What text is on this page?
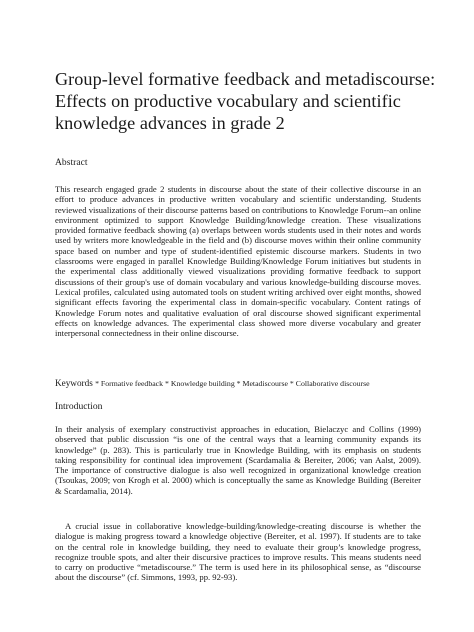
Group-level formative feedback and metadiscourse: Effects on productive vocabulary and scientific knowledge advances in grade 2
Abstract

This research engaged grade 2 students in discourse about the state of their collective discourse in an effort to produce advances in productive written vocabulary and scientific understanding. Students reviewed visualizations of their discourse patterns based on contributions to Knowledge Forum--an online environment optimized to support Knowledge Building/knowledge creation. These visualizations provided formative feedback showing (a) overlaps between words students used in their notes and words used by writers more knowledgeable in the field and (b) discourse moves within their online community space based on number and type of student-identified epistemic discourse markers. Students in two classrooms were engaged in parallel Knowledge Building/Knowledge Forum initiatives but students in the experimental class additionally viewed visualizations providing formative feedback to support discussions of their group's use of domain vocabulary and various knowledge-building discourse moves. Lexical profiles, calculated using automated tools on student writing archived over eight months, showed significant effects favoring the experimental class in domain-specific vocabulary. Content ratings of Knowledge Forum notes and qualitative evaluation of oral discourse showed significant experimental effects on knowledge advances. The experimental class showed more diverse vocabulary and greater interpersonal connectedness in their online discourse.

Keywords * Formative feedback * Knowledge building * Metadiscourse * Collaborative discourse

Introduction

In their analysis of exemplary constructivist approaches in education, Bielaczyc and Collins (1999) observed that public discussion “is one of the central ways that a learning community expands its knowledge” (p. 283). This is particularly true in Knowledge Building, with its emphasis on students taking responsibility for continual idea improvement (Scardamalia & Bereiter, 2006; van Aalst, 2009). The importance of constructive dialogue is also well recognized in organizational knowledge creation (Tsoukas, 2009; von Krogh et al. 2000) which is conceptually the same as Knowledge Building (Bereiter & Scardamalia, 2014).

A crucial issue in collaborative knowledge-building/knowledge-creating discourse is whether the dialogue is making progress toward a knowledge objective (Bereiter, et al. 1997). If students are to take on the central role in knowledge building, they need to evaluate their group’s knowledge progress, recognize trouble spots, and alter their discursive practices to improve results. This means students need to carry on productive “metadiscourse.” The term is used here in its philosophical sense, as “discourse about the discourse” (cf. Simmons, 1993, pp. 92-93).
